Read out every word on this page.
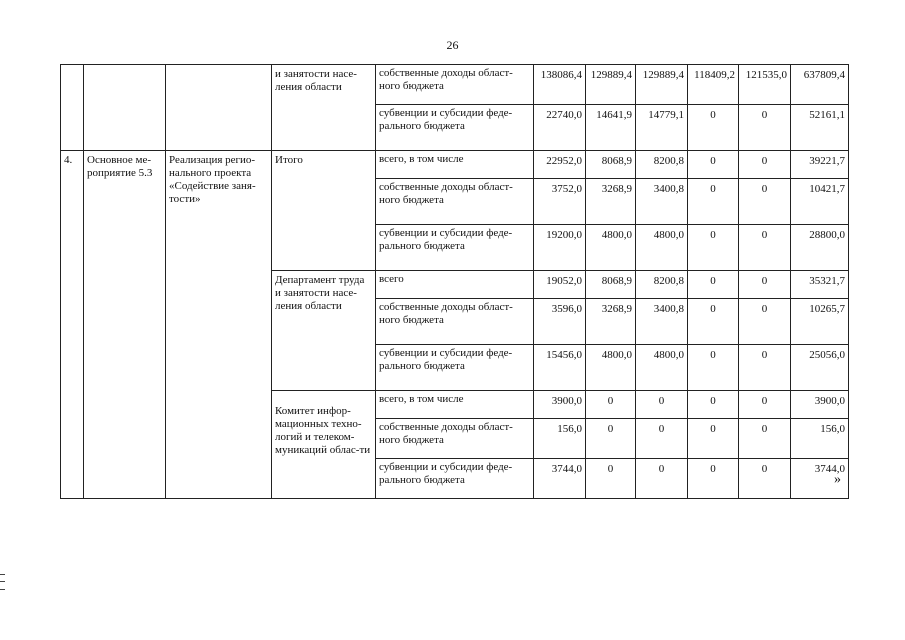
26
			и занятости насе-ления области	собственные доходы област-ного бюджета	138086,4	129889,4	129889,4	118409,2	121535,0	637809,4
				субвенции и субсидии феде-рального бюджета	22740,0	14641,9	14779,1	0	0	52161,1
4.	Основное ме-роприятие 5.3	Реализация регио-нального проекта «Содействие заня-тости»	Итого	всего, в том числе	22952,0	8068,9	8200,8	0	0	39221,7
				собственные доходы област-ного бюджета	3752,0	3268,9	3400,8	0	0	10421,7
				субвенции и субсидии феде-рального бюджета	19200,0	4800,0	4800,0	0	0	28800,0
			Департамент труда и занятости насе-ления области	всего	19052,0	8068,9	8200,8	0	0	35321,7
				собственные доходы област-ного бюджета	3596,0	3268,9	3400,8	0	0	10265,7
				субвенции и субсидии феде-рального бюджета	15456,0	4800,0	4800,0	0	0	25056,0
			Комитет инфор-мационных техно-логий и телеком-муникаций облас-ти	всего, в том числе	3900,0	0	0	0	0	3900,0
				собственные доходы област-ного бюджета	156,0	0	0	0	0	156,0
				субвенции и субсидии феде-рального бюджета	3744,0	0	0	0	0	3744,0
»
